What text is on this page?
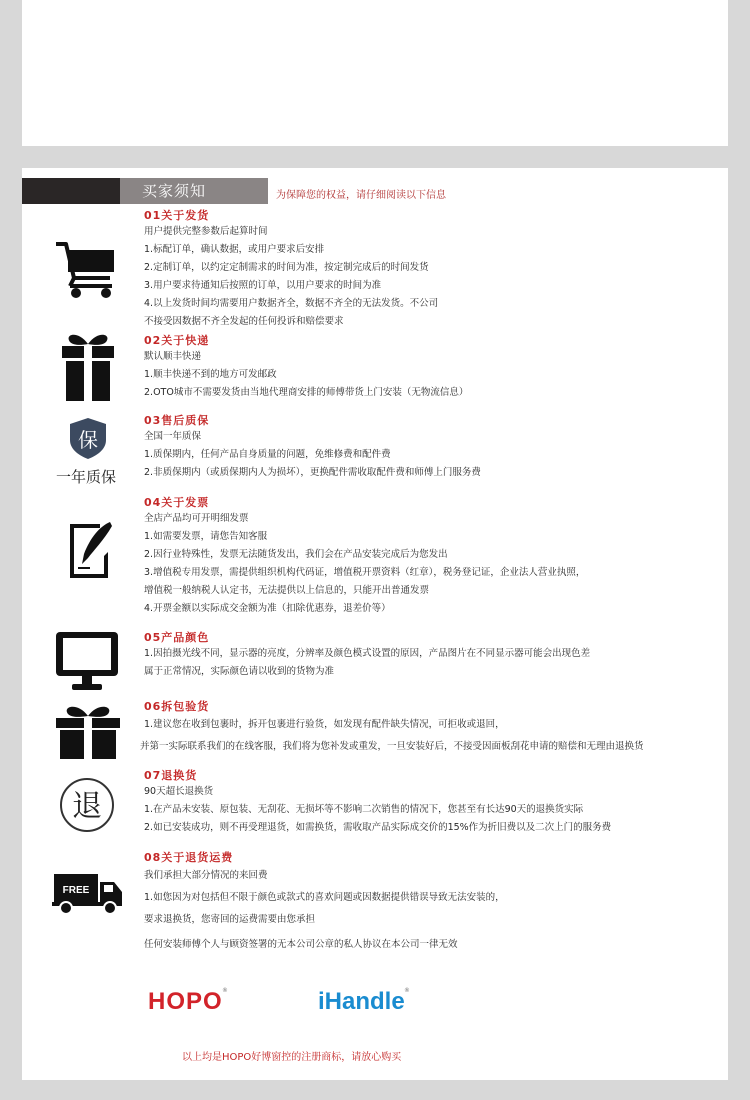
买家须知	为保障您的权益，请仔细阅读以下信息
保
一年质保
退
FREE
01关于发货
用户提供完整参数后起算时间
1.标配订单，确认数据，或用户要求后安排
2.定制订单，以约定定制需求的时间为准，按定制完成后的时间发货
3.用户要求待通知后按照的订单，以用户要求的时间为准
4.以上发货时间均需要用户数据齐全，数据不齐全的无法发货。不公司
不接受因数据不齐全发起的任何投诉和赔偿要求
02关于快递
默认顺丰快递
1.顺丰快递不到的地方可发邮政
2.OTO城市不需要发货由当地代理商安排的师傅带货上门安装（无物流信息）
03售后质保
全国一年质保
1.质保期内，任何产品自身质量的问题，免维修费和配件费
2.非质保期内（或质保期内人为损坏），更换配件需收取配件费和师傅上门服务费
04关于发票
全店产品均可开明细发票
1.如需要发票，请您告知客服
2.因行业特殊性，发票无法随货发出，我们会在产品安装完成后为您发出
3.增值税专用发票，需提供组织机构代码证，增值税开票资料（红章），税务登记证，企业法人营业执照，
增值税一般纳税人认定书，无法提供以上信息的，只能开出普通发票
4.开票金额以实际成交金额为准（扣除优惠券，退差价等）
05产品颜色
1.因拍摄光线不同，显示器的亮度，分辨率及颜色模式设置的原因，产品图片在不同显示器可能会出现色差
属于正常情况，实际颜色请以收到的货物为准
06拆包验货
1.建议您在收到包裹时，拆开包裹进行验货，如发现有配件缺失情况，可拒收或退回，
并第一实际联系我们的在线客服，我们将为您补发或重发，一旦安装好后，不接受因面板刮花申请的赔偿和无理由退换货
07退换货
90天超长退换货
1.在产品未安装、原包装、无刮花、无损坏等不影响二次销售的情况下，您甚至有长达90天的退换货实际
2.如已安装成功，则不再受理退货，如需换货，需收取产品实际成交价的15%作为折旧费以及二次上门的服务费
08关于退货运费
我们承担大部分情况的来回费
1.如您因为对包括但不限于颜色或款式的喜欢问题或因数据提供错误导致无法安装的，
要求退换货，您寄回的运费需要由您承担
任何安装师傅个人与顾资签署的无本公司公章的私人协议在本公司一律无效
HOPO®	iHandle®
以上均是HOPO好博窗控的注册商标，请放心购买
